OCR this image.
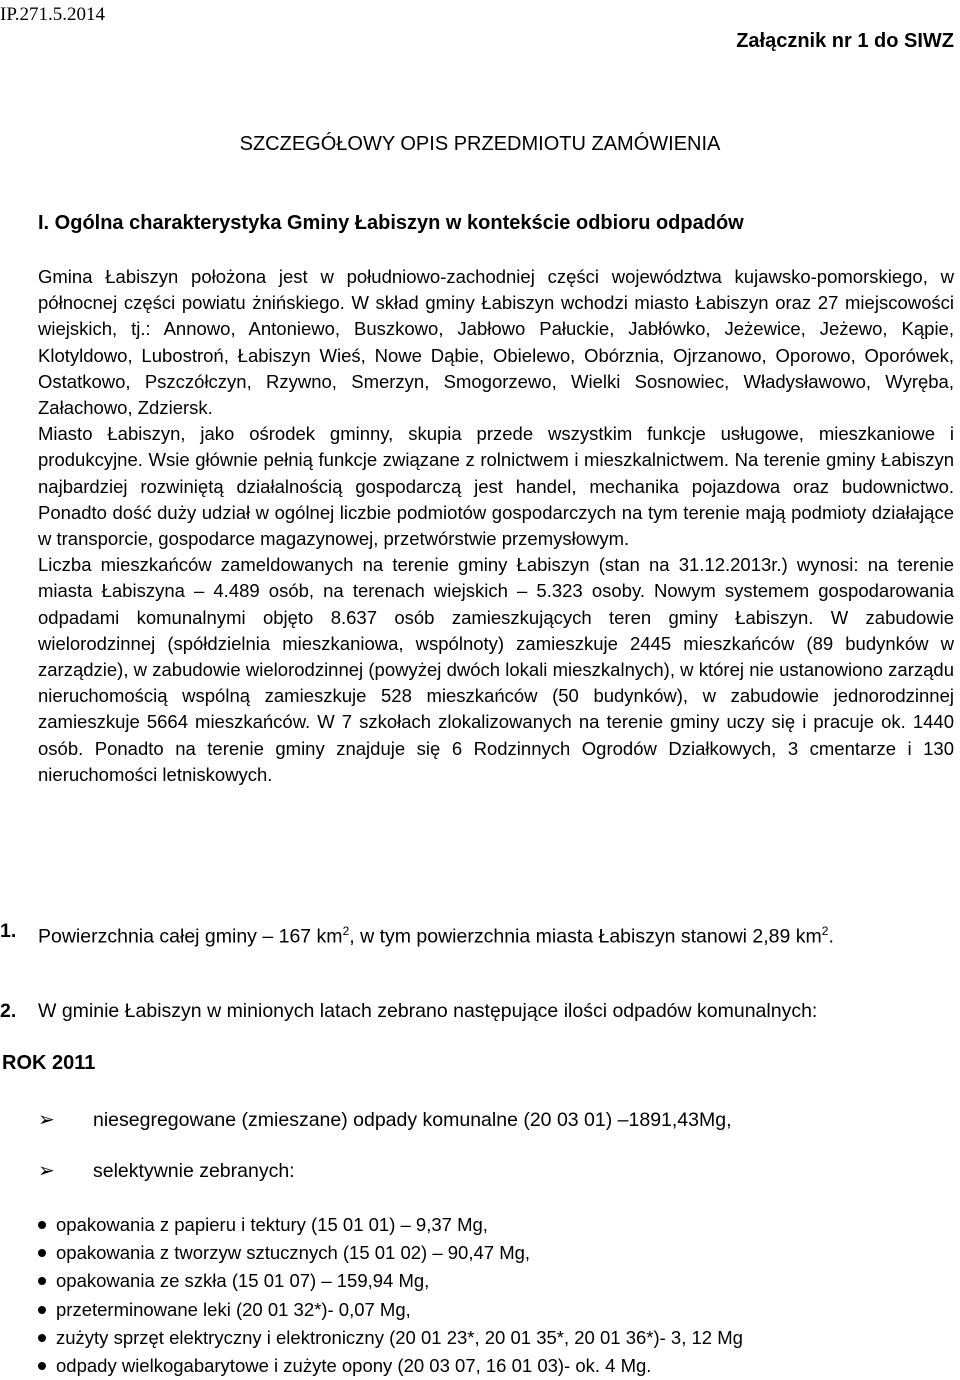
IP.271.5.2014
Załącznik nr 1 do SIWZ
SZCZEGÓŁOWY OPIS PRZEDMIOTU ZAMÓWIENIA
I. Ogólna charakterystyka Gminy Łabiszyn w kontekście odbioru odpadów

Gmina Łabiszyn położona jest w południowo-zachodniej części województwa kujawsko-pomorskiego, w północnej części powiatu żnińskiego. W skład gminy Łabiszyn wchodzi miasto Łabiszyn oraz 27 miejscowości wiejskich, tj.: Annowo, Antoniewo, Buszkowo, Jabłowo Pałuckie, Jabłówko, Jeżewice, Jeżewo, Kąpie, Klotyldowo, Lubostroń, Łabiszyn Wieś, Nowe Dąbie, Obielewo, Obórznia, Ojrzanowo, Oporowo, Oporówek, Ostatkowo, Pszczółczyn, Rzywno, Smerzyn, Smogorzewo, Wielki Sosnowiec, Władysławowo, Wyręba, Załachowo, Zdziersk.

Miasto Łabiszyn, jako ośrodek gminny, skupia przede wszystkim funkcje usługowe, mieszkaniowe i produkcyjne. Wsie głównie pełnią funkcje związane z rolnictwem i mieszkalnictwem. Na terenie gminy Łabiszyn najbardziej rozwiniętą działalnością gospodarczą jest handel, mechanika pojazdowa oraz budownictwo. Ponadto dość duży udział w ogólnej liczbie podmiotów gospodarczych na tym terenie mają podmioty działające w transporcie, gospodarce magazynowej, przetwórstwie przemysłowym.

Liczba mieszkańców zameldowanych na terenie gminy Łabiszyn (stan na 31.12.2013r.) wynosi: na terenie miasta Łabiszyna – 4.489 osób, na terenach wiejskich – 5.323 osoby. Nowym systemem gospodarowania odpadami komunalnymi objęto 8.637 osób zamieszkujących teren gminy Łabiszyn. W zabudowie wielorodzinnej (spółdzielnia mieszkaniowa, wspólnoty) zamieszkuje 2445 mieszkańców (89 budynków w zarządzie), w zabudowie wielorodzinnej (powyżej dwóch lokali mieszkalnych), w której nie ustanowiono zarządu nieruchomością wspólną zamieszkuje 528 mieszkańców (50 budynków), w zabudowie jednorodzinnej zamieszkuje 5664 mieszkańców. W 7 szkołach zlokalizowanych na terenie gminy uczy się i pracuje ok. 1440 osób. Ponadto na terenie gminy znajduje się 6 Rodzinnych Ogrodów Działkowych, 3 cmentarze i 130 nieruchomości letniskowych.

1. Powierzchnia całej gminy – 167 $km^2$, w tym powierzchnia miasta Łabiszyn stanowi 2,89 $km^2$.
2. W gminie Łabiszyn w minionych latach zebrano następujące ilości odpadów komunalnych:
ROK 2011
➢ niesegregowane (zmieszane) odpady komunalne (20 03 01) –1891,43Mg,
➢ selektywnie zebranych:
opakowania z papieru i tektury (15 01 01) – 9,37 Mg,
opakowania z tworzyw sztucznych (15 01 02) – 90,47 Mg,
opakowania ze szkła (15 01 07) – 159,94 Mg,
przeterminowane leki (20 01 32*)- 0,07 Mg,
zużyty sprzęt elektryczny i elektroniczny (20 01 23*, 20 01 35*, 20 01 36*)- 3, 12 Mg
odpady wielkogabarytowe i zużyte opony (20 03 07, 16 01 03)- ok. 4 Mg.
